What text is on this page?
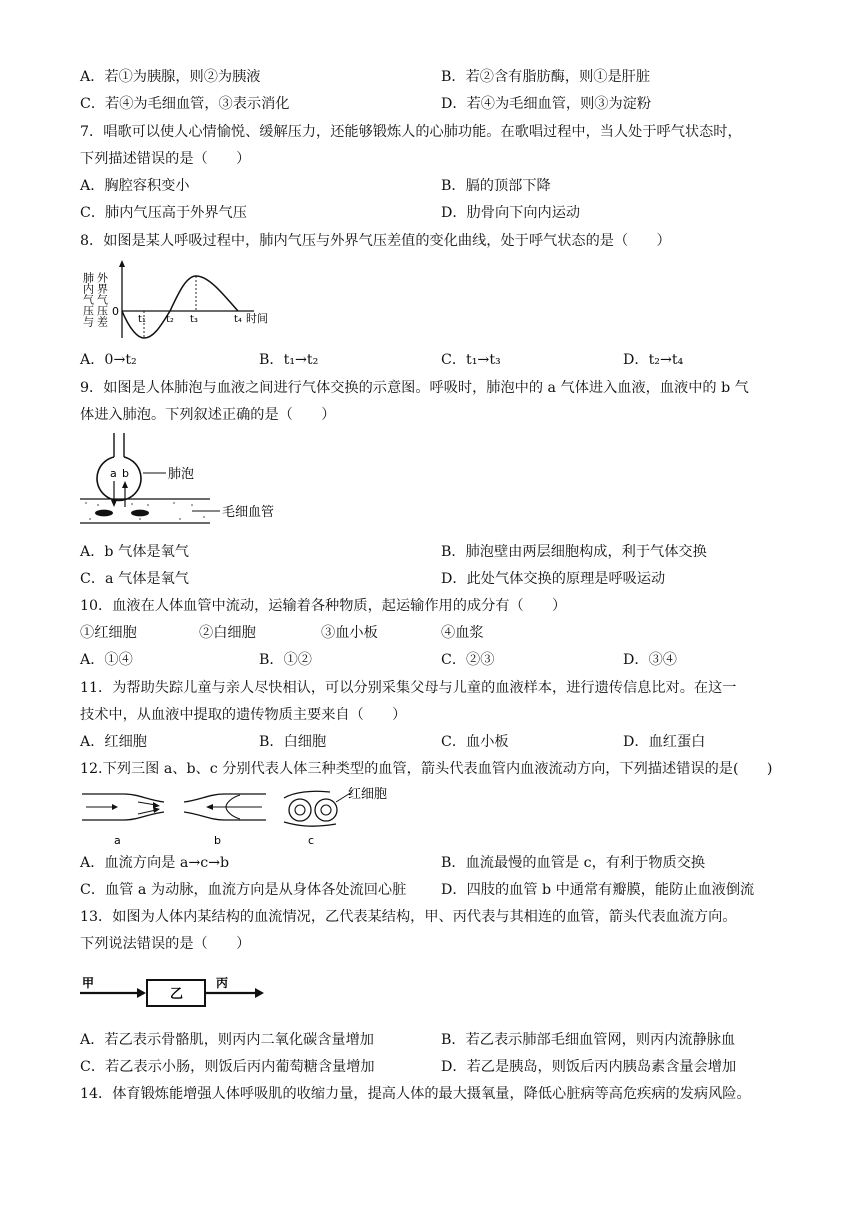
A．若①为胰腺，则②为胰液	B．若②含有脂肪酶，则①是肝脏
C．若④为毛细血管，③表示消化	D．若④为毛细血管，则③为淀粉
7．唱歌可以使人心情愉悦、缓解压力，还能够锻炼人的心肺功能。在歌唱过程中，当人处于呼气状态时，
下列描述错误的是（　　）
A．胸腔容积变小	B．膈的顶部下降
C．肺内气压高于外界气压	D．肋骨向下向内运动
8．如图是某人呼吸过程中，肺内气压与外界气压差值的变化曲线，处于呼气状态的是（　　）
肺内气压与 外界气压差 0
t₁ t₂ t₃	t₄ 时间
A．0→t₂	B．t₁→t₂	C．t₁→t₃	D．t₂→t₄
9．如图是人体肺泡与血液之间进行气体交换的示意图。呼吸时，肺泡中的 a 气体进入血液，血液中的 b 气
体进入肺泡。下列叙述正确的是（　　）
a b	肺泡
毛细血管
A．b 气体是氧气	B．肺泡壁由两层细胞构成，利于气体交换
C．a 气体是氧气	D．此处气体交换的原理是呼吸运动
10．血液在人体血管中流动，运输着各种物质，起运输作用的成分有（　　）
①红细胞	②白细胞	③血小板	④血浆
A．①④	B．①②	C．②③	D．③④
11．为帮助失踪儿童与亲人尽快相认，可以分别采集父母与儿童的血液样本，进行遗传信息比对。在这一
技术中，从血液中提取的遗传物质主要来自（　　）
A．红细胞	B．白细胞	C．血小板	D．血红蛋白
12.下列三图 a、b、c 分别代表人体三种类型的血管，箭头代表血管内血液流动方向，下列描述错误的是(　　)
a	b
红细胞
c
A．血流方向是 a→c→b	B．血流最慢的血管是 c，有利于物质交换
C．血管 a 为动脉，血流方向是从身体各处流回心脏 D．四肢的血管 b 中通常有瓣膜，能防止血液倒流
13．如图为人体内某结构的血流情况，乙代表某结构，甲、丙代表与其相连的血管，箭头代表血流方向。
下列说法错误的是（　　）
甲
乙
丙
A．若乙表示骨骼肌，则丙内二氧化碳含量增加	B．若乙表示肺部毛细血管网，则丙内流静脉血
C．若乙表示小肠，则饭后丙内葡萄糖含量增加	D．若乙是胰岛，则饭后丙内胰岛素含量会增加
14．体育锻炼能增强人体呼吸肌的收缩力量，提高人体的最大摄氧量，降低心脏病等高危疾病的发病风险。
